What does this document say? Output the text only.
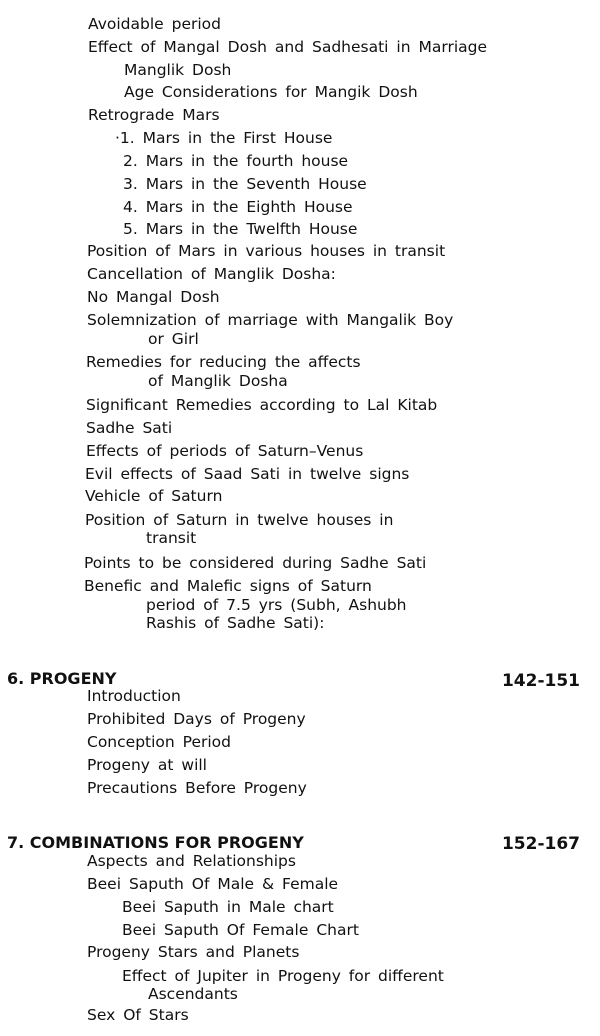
Avoidable period
Effect of Mangal Dosh and Sadhesati in Marriage
Manglik Dosh
Age Considerations for Mangik Dosh
Retrograde Mars
·1. Mars in the First House
2. Mars in the fourth house
3. Mars in the Seventh House
4. Mars in the Eighth House
5. Mars in the Twelfth House
Position of Mars in various houses in transit
Cancellation of Manglik Dosha:
No Mangal Dosh
Solemnization of marriage with Mangalik Boy
or Girl
Remedies for reducing the affects
of Manglik Dosha
Significant Remedies according to Lal Kitab
Sadhe Sati
Effects of periods of Saturn–Venus
Evil effects of Saad Sati in twelve signs
Vehicle of Saturn
Position of Saturn in twelve houses in
transit
Points to be considered during Sadhe Sati
Benefic and Malefic signs of Saturn
period of 7.5 yrs (Subh, Ashubh
Rashis of Sadhe Sati):
6. PROGENY	142-151
Introduction
Prohibited Days of Progeny
Conception Period
Progeny at will
Precautions Before Progeny
7. COMBINATIONS FOR PROGENY	152-167
Aspects and Relationships
Beei Saputh Of Male & Female
Beei Saputh in Male chart
Beei Saputh Of Female Chart
Progeny Stars and Planets
Effect of Jupiter in Progeny for different
Ascendants
Sex Of Stars
